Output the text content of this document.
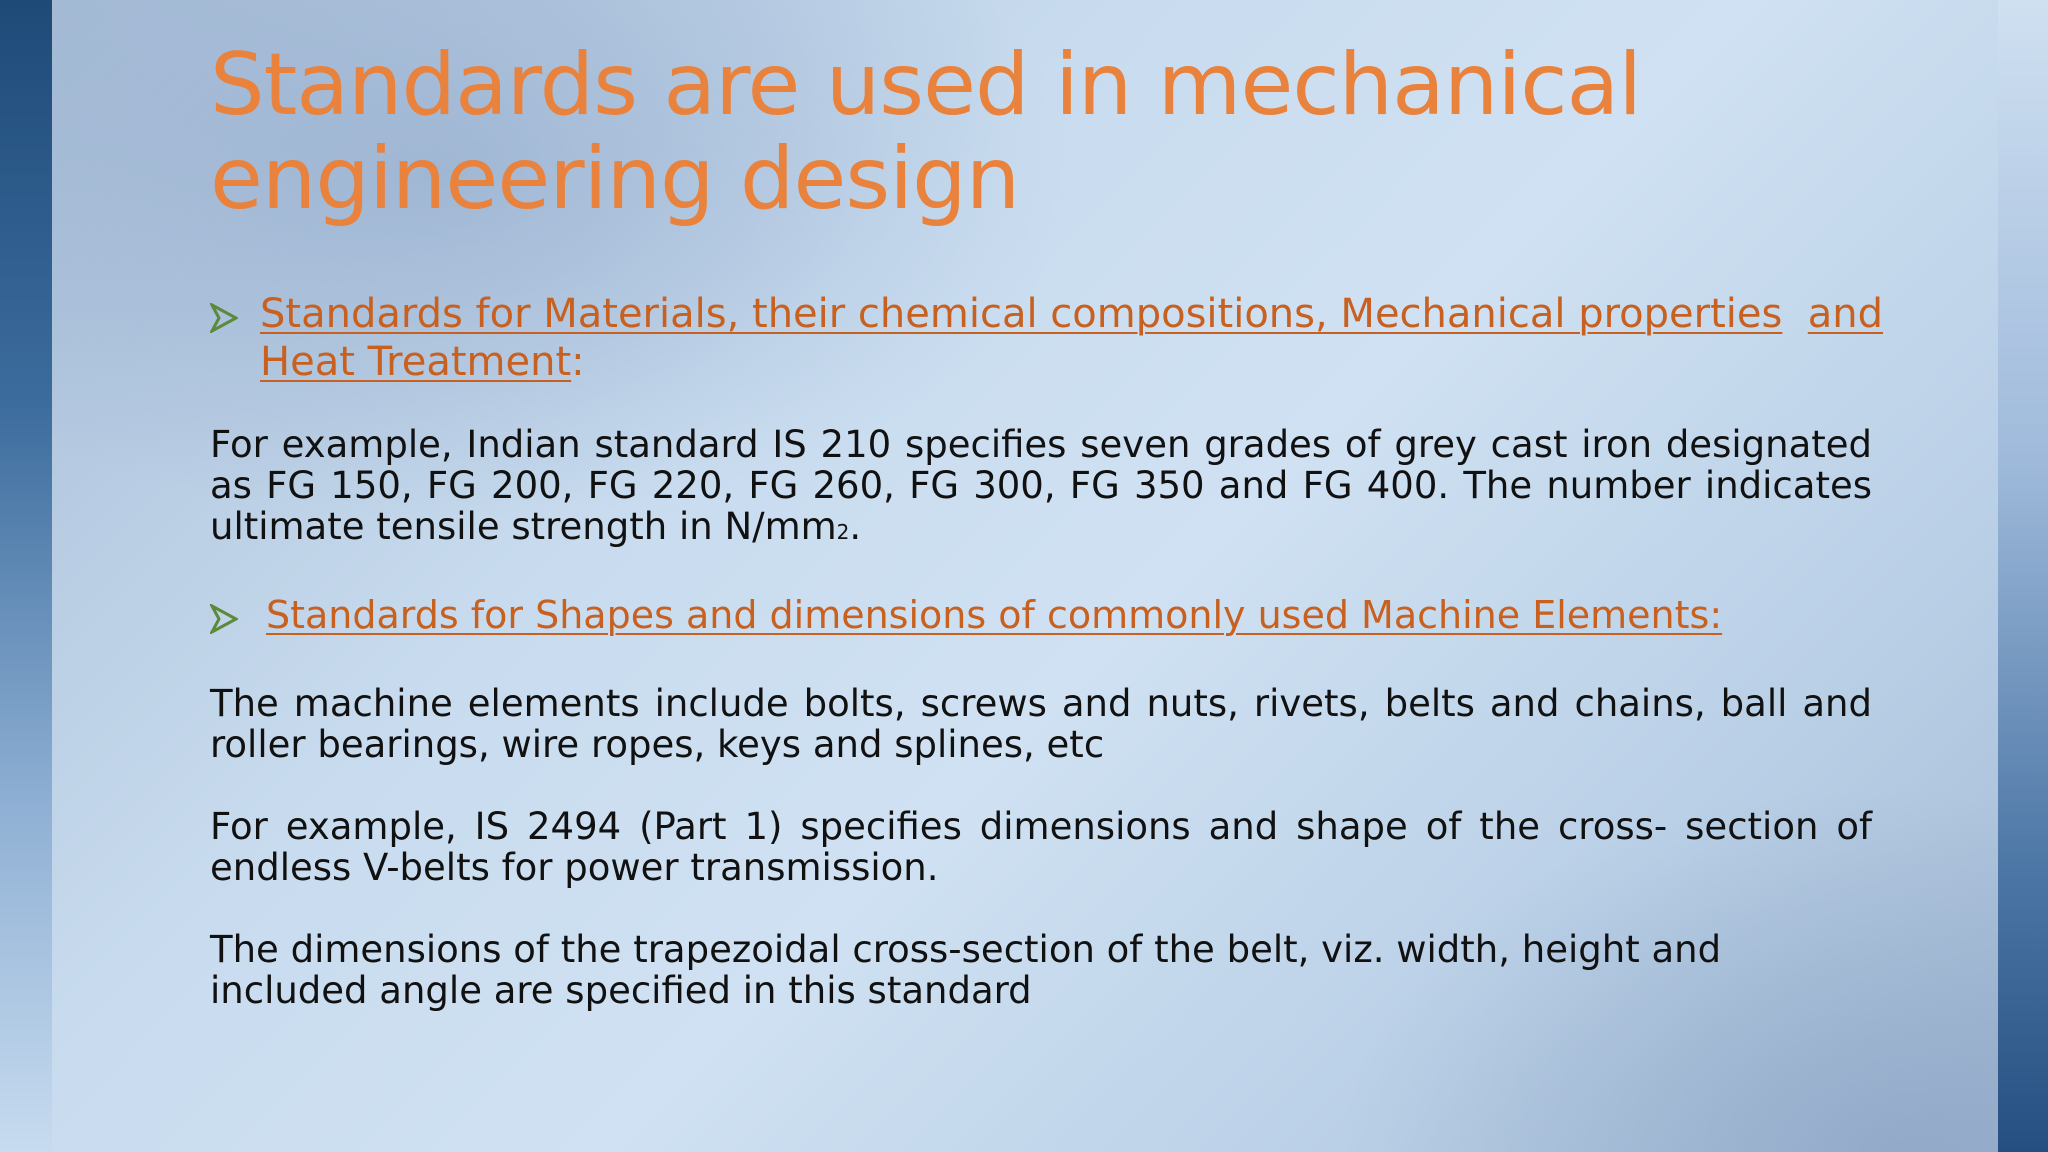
Standards are used in mechanical engineering design
Standards for Materials, their chemical compositions, Mechanical properties and Heat Treatment:

For example, Indian standard IS 210 specifies seven grades of grey cast iron designated as FG 150, FG 200, FG 220, FG 260, FG 300, FG 350 and FG 400. The number indicates ultimate tensile strength in N/mm2.

Standards for Shapes and dimensions of commonly used Machine Elements:

The machine elements include bolts, screws and nuts, rivets, belts and chains, ball and roller bearings, wire ropes, keys and splines, etc

For example, IS 2494 (Part 1) specifies dimensions and shape of the cross- section of endless V-belts for power transmission.

The dimensions of the trapezoidal cross-section of the belt, viz. width, height and included angle are specified in this standard
